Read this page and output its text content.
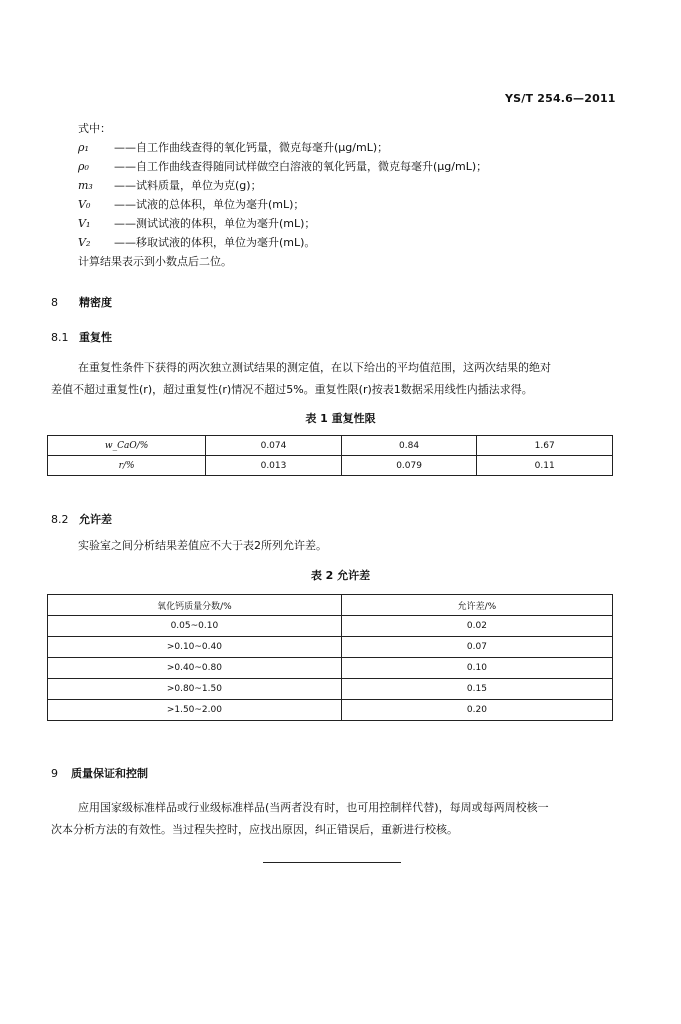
YS/T 254.6—2011
式中：
ρ₁ ——自工作曲线查得的氧化钙量，微克每毫升(μg/mL)；
ρ₀ ——自工作曲线查得随同试样做空白溶液的氧化钙量，微克每毫升(μg/mL)；
m₃ ——试料质量，单位为克(g)；
V₀ ——试液的总体积，单位为毫升(mL)；
V₁ ——测试试液的体积，单位为毫升(mL)；
V₂ ——移取试液的体积，单位为毫升(mL)。
计算结果表示到小数点后二位。
8 精密度
8.1 重复性
在重复性条件下获得的两次独立测试结果的测定值，在以下给出的平均值范围，这两次结果的绝对
差值不超过重复性(r)，超过重复性(r)情况不超过5%。重复性限(r)按表1数据采用线性内插法求得。
表 1 重复性限
w_CaO/%	0.074	0.84	1.67
r/%	0.013	0.079	0.11
8.2 允许差
实验室之间分析结果差值应不大于表2所列允许差。
表 2 允许差
氧化钙质量分数/%	允许差/%
0.05~0.10	0.02
>0.10~0.40	0.07
>0.40~0.80	0.10
>0.80~1.50	0.15
>1.50~2.00	0.20
9 质量保证和控制
应用国家级标准样品或行业级标准样品(当两者没有时，也可用控制样代替)，每周或每两周校核一
次本分析方法的有效性。当过程失控时，应找出原因，纠正错误后，重新进行校核。
